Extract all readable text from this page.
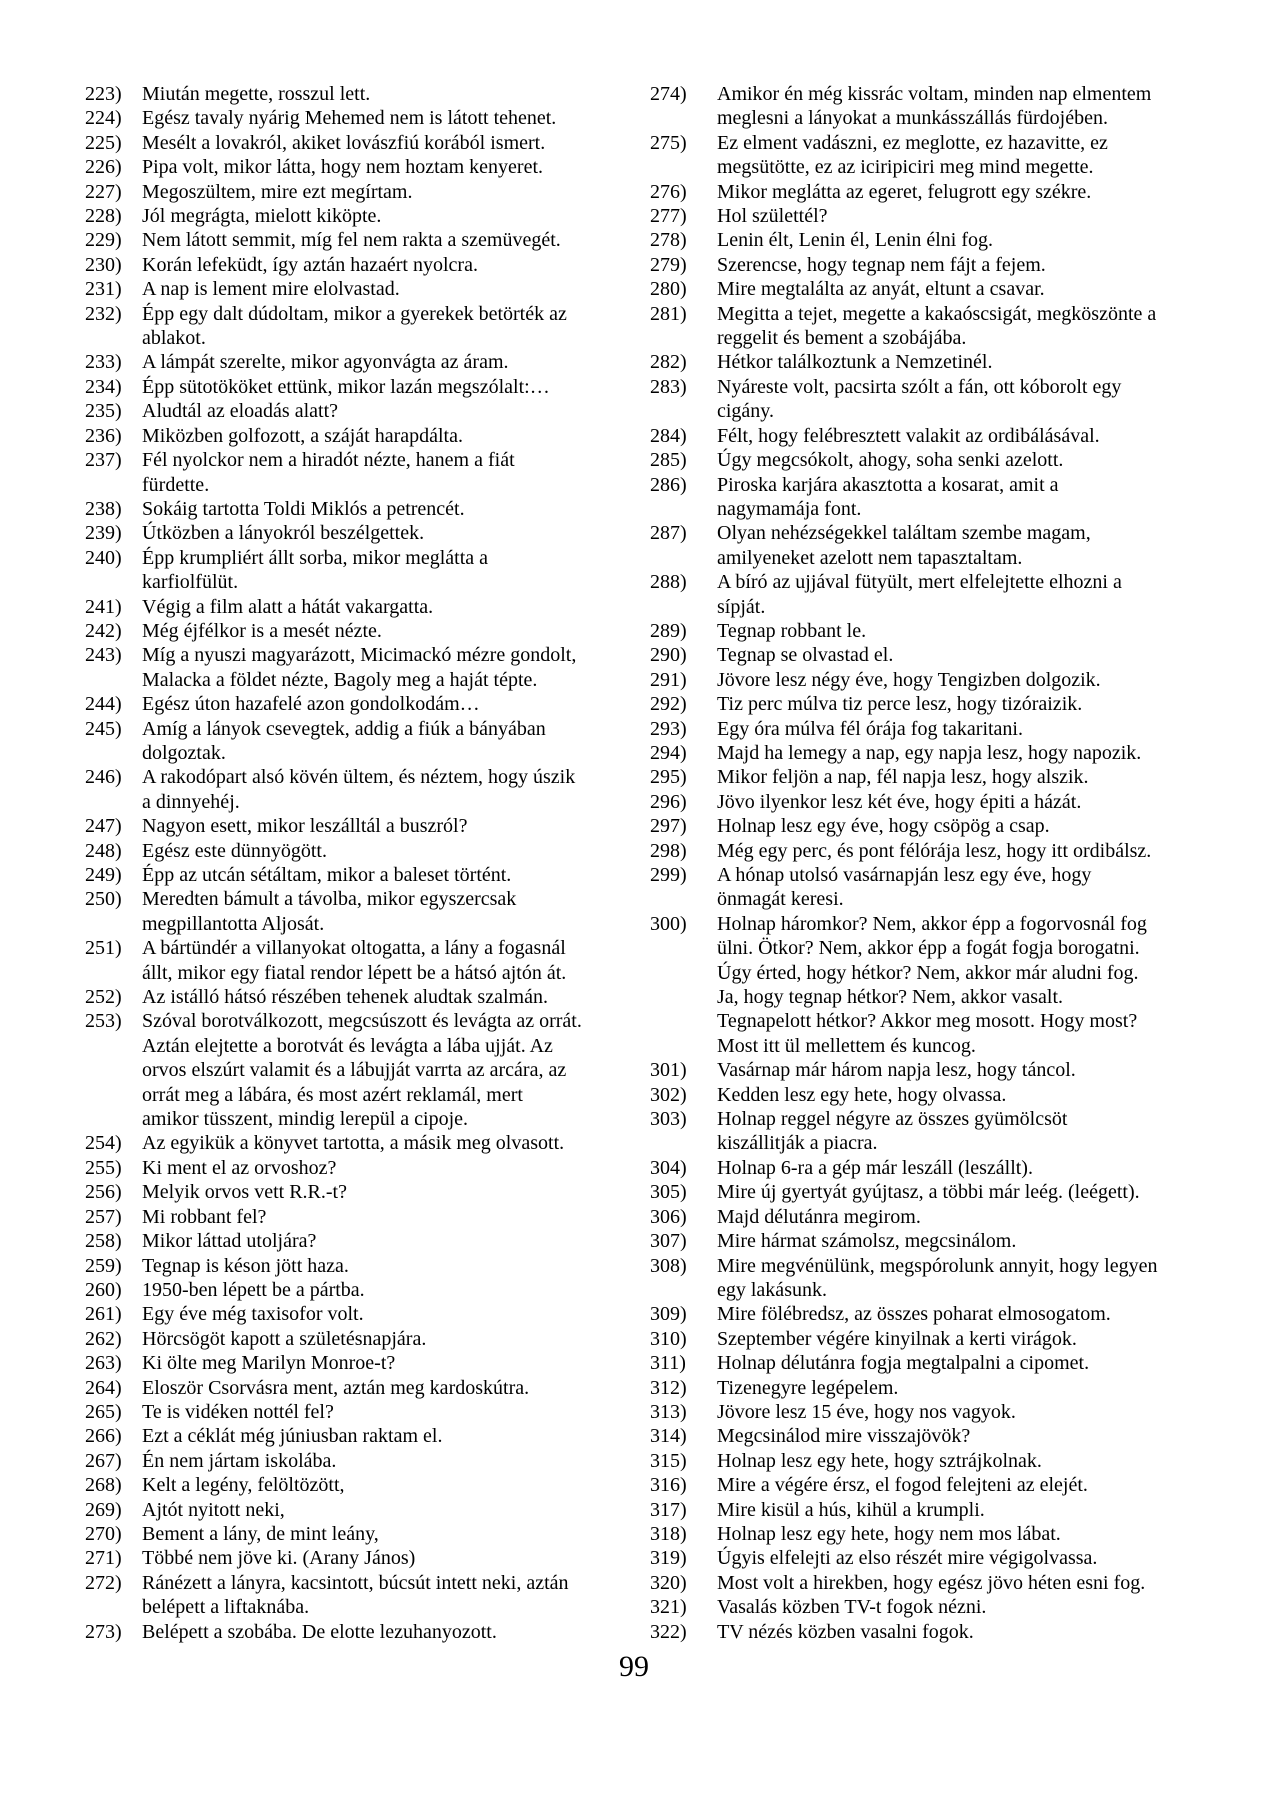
223) Miután megette, rosszul lett.
224) Egész tavaly nyárig Mehemed nem is látott tehenet.
225) Mesélt a lovakról, akiket lovászfiú korából ismert.
226) Pipa volt, mikor látta, hogy nem hoztam kenyeret.
227) Megoszültem, mire ezt megírtam.
228) Jól megrágta, mielott kiköpte.
229) Nem látott semmit, míg fel nem rakta a szemüvegét.
230) Korán lefeküdt, így aztán hazaért nyolcra.
231) A nap is lement mire elolvastad.
232) Épp egy dalt dúdoltam, mikor a gyerekek betörték az
ablakot.
233) A lámpát szerelte, mikor agyonvágta az áram.
234) Épp sütotököket ettünk, mikor lazán megszólalt:…
235) Aludtál az eloadás alatt?
236) Miközben golfozott, a száját harapdálta.
237) Fél nyolckor nem a hiradót nézte, hanem a fiát
fürdette.
238) Sokáig tartotta Toldi Miklós a petrencét.
239) Útközben a lányokról beszélgettek.
240) Épp krumpliért állt sorba, mikor meglátta a
karfiolfülüt.
241) Végig a film alatt a hátát vakargatta.
242) Még éjfélkor is a mesét nézte.
243) Míg a nyuszi magyarázott, Micimackó mézre gondolt,
Malacka a földet nézte, Bagoly meg a haját tépte.
244) Egész úton hazafelé azon gondolkodám…
245) Amíg a lányok csevegtek, addig a fiúk a bányában
dolgoztak.
246) A rakodópart alsó kövén ültem, és néztem, hogy úszik
a dinnyehéj.
247) Nagyon esett, mikor leszálltál a buszról?
248) Egész este dünnyögött.
249) Épp az utcán sétáltam, mikor a baleset történt.
250) Meredten bámult a távolba, mikor egyszercsak
megpillantotta Aljosát.
251) A bártündér a villanyokat oltogatta, a lány a fogasnál
állt, mikor egy fiatal rendor lépett be a hátsó ajtón át.
252) Az istálló hátsó részében tehenek aludtak szalmán.
253) Szóval borotválkozott, megcsúszott és levágta az orrát.
Aztán elejtette a borotvát és levágta a lába ujját. Az
orvos elszúrt valamit és a lábujját varrta az arcára, az
orrát meg a lábára, és most azért reklamál, mert
amikor tüsszent, mindig lerepül a cipoje.
254) Az egyikük a könyvet tartotta, a másik meg olvasott.
255) Ki ment el az orvoshoz?
256) Melyik orvos vett R.R.-t?
257) Mi robbant fel?
258) Mikor láttad utoljára?
259) Tegnap is késon jött haza.
260) 1950-ben lépett be a pártba.
261) Egy éve még taxisofor volt.
262) Hörcsögöt kapott a születésnapjára.
263) Ki ölte meg Marilyn Monroe-t?
264) Eloször Csorvásra ment, aztán meg kardoskútra.
265) Te is vidéken nottél fel?
266) Ezt a céklát még júniusban raktam el.
267) Én nem jártam iskolába.
268) Kelt a legény, felöltözött,
269) Ajtót nyitott neki,
270) Bement a lány, de mint leány,
271) Többé nem jöve ki. (Arany János)
272) Ránézett a lányra, kacsintott, búcsút intett neki, aztán
belépett a liftaknába.
273) Belépett a szobába. De elotte lezuhanyozott.
274) Amikor én még kissrác voltam, minden nap elmentem
meglesni a lányokat a munkásszállás fürdojében.
275) Ez elment vadászni, ez meglotte, ez hazavitte, ez
megsütötte, ez az iciripiciri meg mind megette.
276) Mikor meglátta az egeret, felugrott egy székre.
277) Hol születtél?
278) Lenin élt, Lenin él, Lenin élni fog.
279) Szerencse, hogy tegnap nem fájt a fejem.
280) Mire megtalálta az anyát, eltunt a csavar.
281) Megitta a tejet, megette a kakaóscsigát, megköszönte a
reggelit és bement a szobájába.
282) Hétkor találkoztunk a Nemzetinél.
283) Nyáreste volt, pacsirta szólt a fán, ott kóborolt egy
cigány.
284) Félt, hogy felébresztett valakit az ordibálásával.
285) Úgy megcsókolt, ahogy, soha senki azelott.
286) Piroska karjára akasztotta a kosarat, amit a
nagymamája font.
287) Olyan nehézségekkel találtam szembe magam,
amilyeneket azelott nem tapasztaltam.
288) A bíró az ujjával fütyült, mert elfelejtette elhozni a
sípját.
289) Tegnap robbant le.
290) Tegnap se olvastad el.
291) Jövore lesz négy éve, hogy Tengizben dolgozik.
292) Tiz perc múlva tiz perce lesz, hogy tizóraizik.
293) Egy óra múlva fél órája fog takaritani.
294) Majd ha lemegy a nap, egy napja lesz, hogy napozik.
295) Mikor feljön a nap, fél napja lesz, hogy alszik.
296) Jövo ilyenkor lesz két éve, hogy épiti a házát.
297) Holnap lesz egy éve, hogy csöpög a csap.
298) Még egy perc, és pont félórája lesz, hogy itt ordibálsz.
299) A hónap utolsó vasárnapján lesz egy éve, hogy
önmagát keresi.
300) Holnap háromkor? Nem, akkor épp a fogorvosnál fog
ülni. Ötkor? Nem, akkor épp a fogát fogja borogatni.
Úgy érted, hogy hétkor? Nem, akkor már aludni fog.
Ja, hogy tegnap hétkor? Nem, akkor vasalt.
Tegnapelott hétkor? Akkor meg mosott. Hogy most?
Most itt ül mellettem és kuncog.
301) Vasárnap már három napja lesz, hogy táncol.
302) Kedden lesz egy hete, hogy olvassa.
303) Holnap reggel négyre az összes gyümölcsöt
kiszállitják a piacra.
304) Holnap 6-ra a gép már leszáll (leszállt).
305) Mire új gyertyát gyújtasz, a többi már leég. (leégett).
306) Majd délutánra megirom.
307) Mire hármat számolsz, megcsinálom.
308) Mire megvénülünk, megspórolunk annyit, hogy legyen
egy lakásunk.
309) Mire fölébredsz, az összes poharat elmosogatom.
310) Szeptember végére kinyilnak a kerti virágok.
311) Holnap délutánra fogja megtalpalni a cipomet.
312) Tizenegyre legépelem.
313) Jövore lesz 15 éve, hogy nos vagyok.
314) Megcsinálod mire visszajövök?
315) Holnap lesz egy hete, hogy sztrájkolnak.
316) Mire a végére érsz, el fogod felejteni az elejét.
317) Mire kisül a hús, kihül a krumpli.
318) Holnap lesz egy hete, hogy nem mos lábat.
319) Úgyis elfelejti az elso részét mire végigolvassa.
320) Most volt a hirekben, hogy egész jövo héten esni fog.
321) Vasalás közben TV-t fogok nézni.
322) TV nézés közben vasalni fogok.
99
